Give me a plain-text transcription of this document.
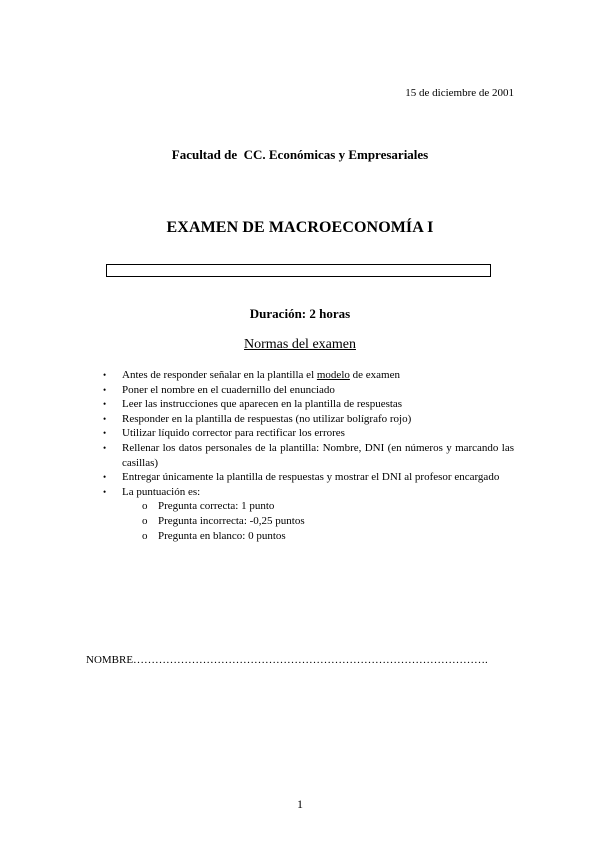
15 de diciembre de 2001
Facultad de  CC. Económicas y Empresariales
EXAMEN DE MACROECONOMÍA I
Duración: 2 horas
Normas del examen
• Antes de responder señalar en la plantilla el modelo de examen
• Poner el nombre en el cuadernillo del enunciado
• Leer las instrucciones que aparecen en la plantilla de respuestas
• Responder en la plantilla de respuestas (no utilizar bolígrafo rojo)
• Utilizar líquido corrector para rectificar los errores
• Rellenar los datos personales de la plantilla: Nombre, DNI (en números y marcando las casillas)
• Entregar únicamente la plantilla de respuestas y mostrar el DNI al profesor encargado
• La puntuación es:
o Pregunta correcta: 1 punto
o Pregunta incorrecta: -0,25 puntos
o Pregunta en blanco: 0 puntos
NOMBRE…………………………………………………………………………………….
1
